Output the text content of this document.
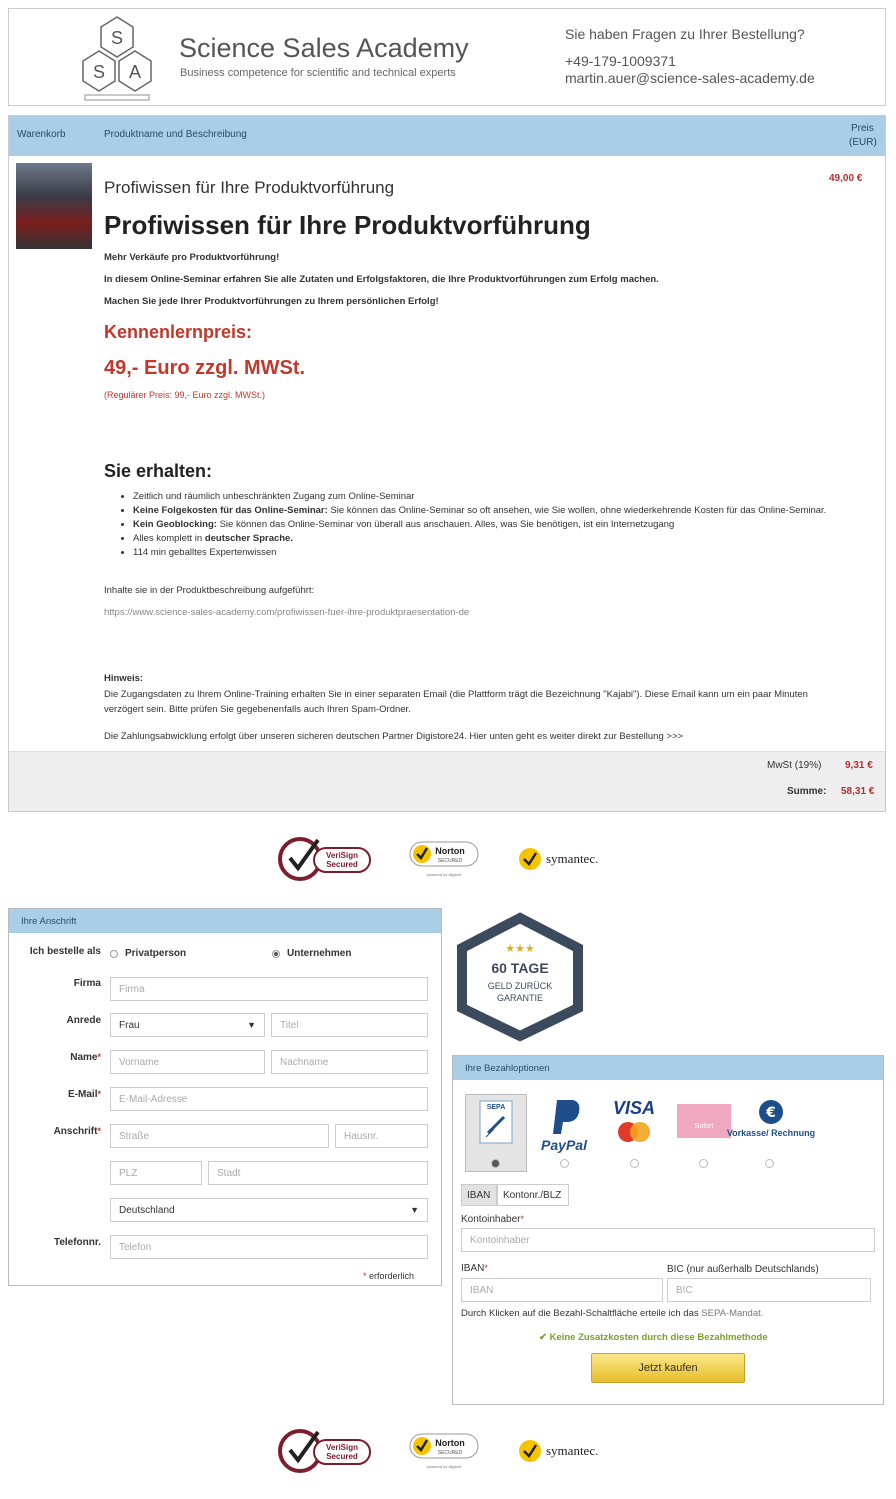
S
S A
Science Sales Academy
Business competence for scientific and technical experts
Sie haben Fragen zu Ihrer Bestellung?
+49-179-1009371
martin.auer@science-sales-academy.de
Warenkorb	Produktname und Beschreibung
Preis
(EUR)
Profiwissen für Ihre Produktvorführung	49,00 €
Profiwissen für Ihre Produktvorführung
Mehr Verkäufe pro Produktvorführung!
In diesem Online-Seminar erfahren Sie alle Zutaten und Erfolgsfaktoren, die Ihre Produktvorführungen zum Erfolg machen.
Machen Sie jede Ihrer Produktvorführungen zu Ihrem persönlichen Erfolg!
Kennenlernpreis:
49,- Euro zzgl. MWSt.
(Regulärer Preis: 99,- Euro zzgl. MWSt.)
Sie erhalten:
• Zeitlich und räumlich unbeschränkten Zugang zum Online-Seminar
• Keine Folgekosten für das Online-Seminar: Sie können das Online-Seminar so oft ansehen, wie Sie wollen, ohne wiederkehrende Kosten für das Online-Seminar.
• Kein Geoblocking: Sie können das Online-Seminar von überall aus anschauen. Alles, was Sie benötigen, ist ein Internetzugang
• Alles komplett in deutscher Sprache.
• 114 min geballtes Expertenwissen
Inhalte sie in der Produktbeschreibung aufgeführt:
https://www.science-sales-academy.com/profiwissen-fuer-ihre-produktpraesentation-de
Hinweis:
Die Zugangsdaten zu Ihrem Online-Training erhalten Sie in einer separaten Email (die Plattform trägt die Bezeichnung "Kajabi"). Diese Email kann um ein paar Minuten verzögert sein. Bitte prüfen Sie gegebenenfalls auch Ihren Spam-Ordner.
Die Zahlungsabwicklung erfolgt über unseren sicheren deutschen Partner Digistore24. Hier unten geht es weiter direkt zur Bestellung >>>
MwSt (19%) 9,31 €
Summe: 58,31 €
VeriSign
Secured
Norton
SECURED
powered by digicert
symantec.
Ihre Anschrift
Ich bestelle als Privatperson	Unternehmen
Firma
Firma
Anrede	Frau	▼	Titel
Name*	Vorname	Nachname
E-Mail*	E-Mail-Adresse
Anschrift*	Straße	Hausnr.
PLZ	Stadt
Deutschland	▼
Telefonnr.	Telefon
* erforderlich
★★★
60 TAGE
GELD ZURÜCK
GARANTIE
Ihre Bezahloptionen
SEPA
PayPal
VISA
Sofort
€
Vorkasse/ Rechnung
IBAN	Kontonr./BLZ
Kontoinhaber*
Kontoinhaber
IBAN*	BIC (nur außerhalb Deutschlands)
IBAN	BIC
Durch Klicken auf die Bezahl-Schaltfläche erteile ich das SEPA-Mandat.
✔ Keine Zusatzkosten durch diese Bezahlmethode
Jetzt kaufen
VeriSign
Secured
Norton
SECURED
powered by digicert
symantec.
